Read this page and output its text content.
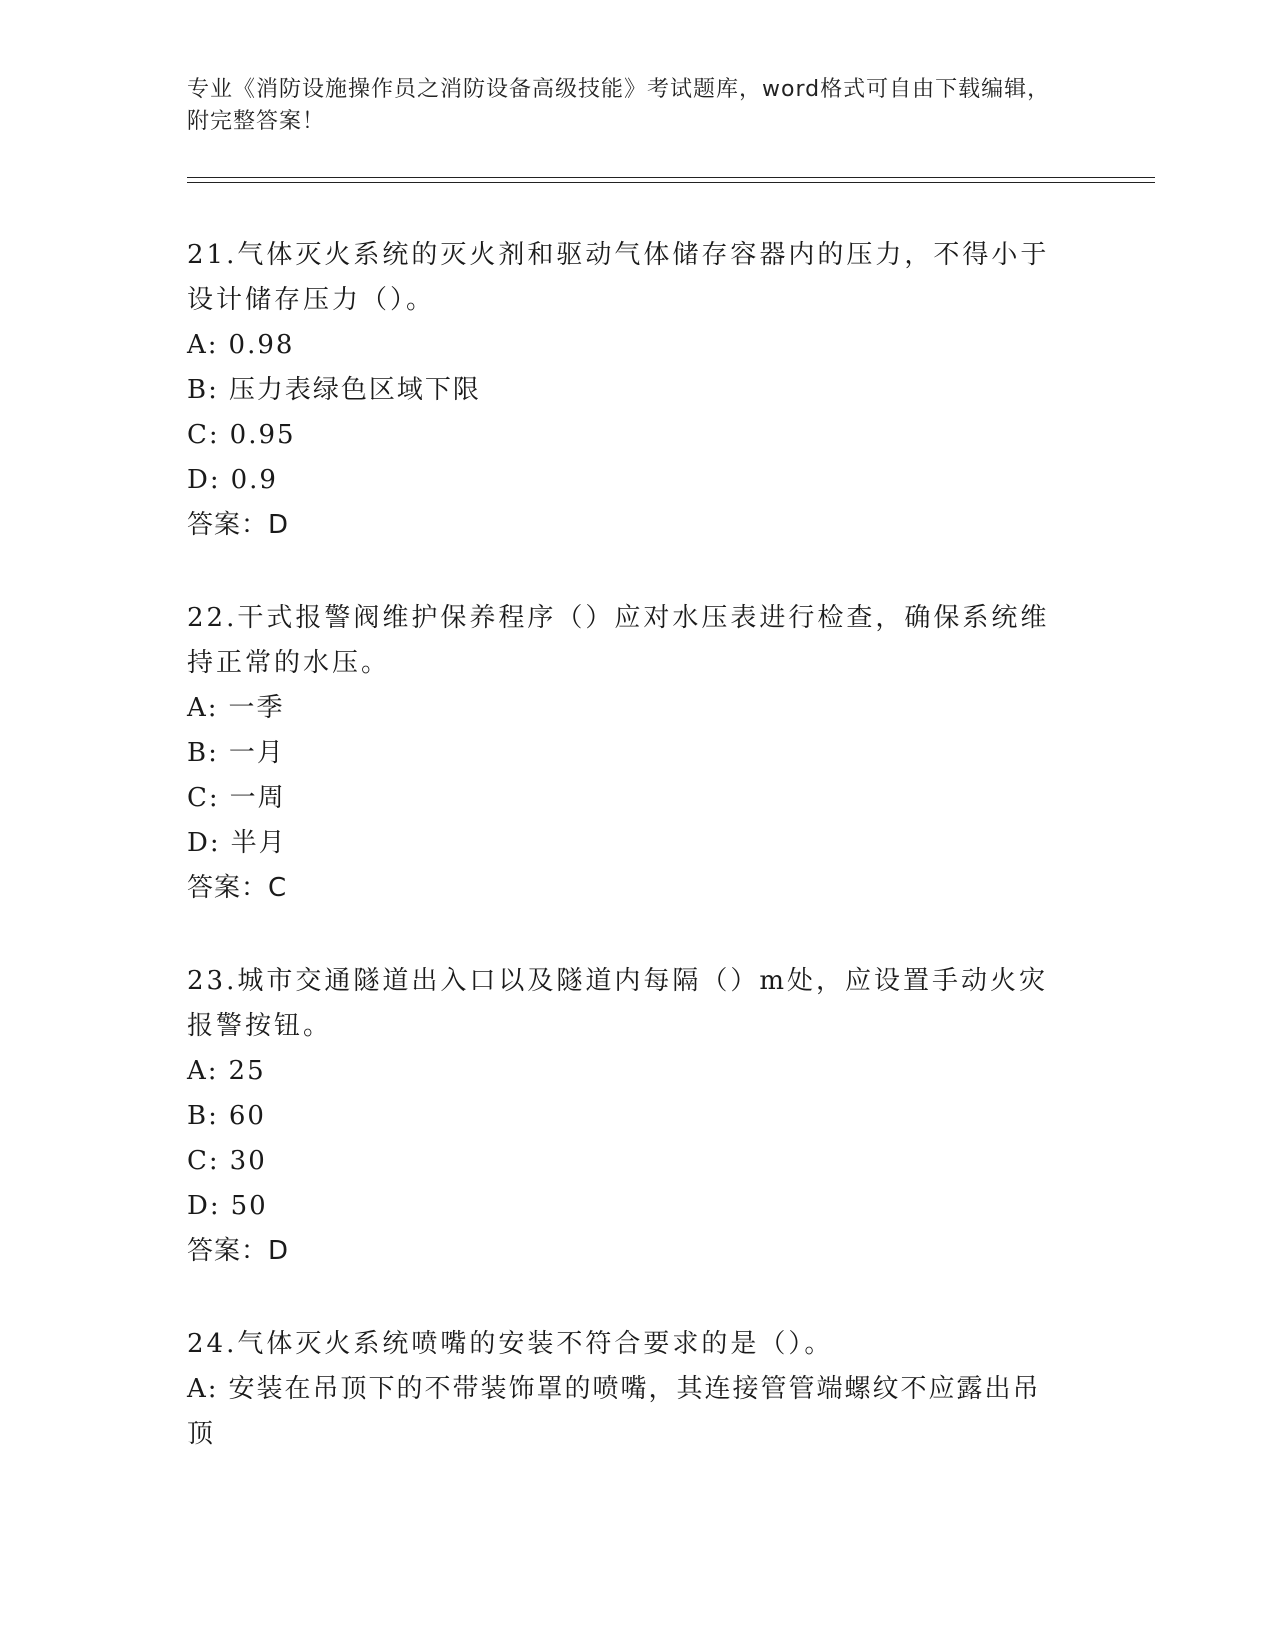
专业《消防设施操作员之消防设备高级技能》考试题库，word格式可自由下载编辑，附完整答案！

21.气体灭火系统的灭火剂和驱动气体储存容器内的压力，不得小于设计储存压力（）。

A: 0.98

B: 压力表绿色区域下限

C: 0.95

D: 0.9

答案：D

22.干式报警阀维护保养程序（）应对水压表进行检查，确保系统维持正常的水压。

A: 一季

B: 一月

C: 一周

D: 半月

答案：C

23.城市交通隧道出入口以及隧道内每隔（）m处，应设置手动火灾报警按钮。

A: 25

B: 60

C: 30

D: 50

答案：D

24.气体灭火系统喷嘴的安装不符合要求的是（）。

A: 安装在吊顶下的不带装饰罩的喷嘴，其连接管管端螺纹不应露出吊顶
